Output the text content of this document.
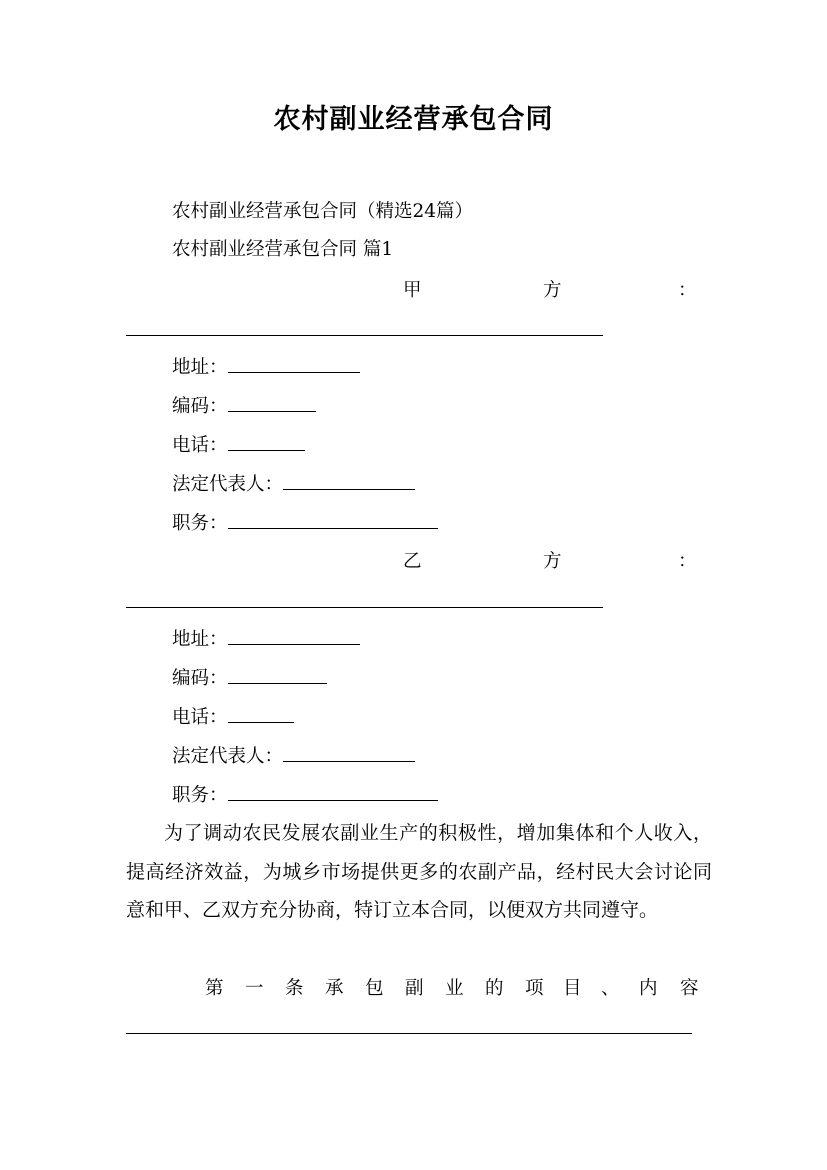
农村副业经营承包合同
农村副业经营承包合同（精选24篇）
农村副业经营承包合同 篇1
甲	方	：
地址：
编码：
电话：
法定代表人：
职务：
乙	方	：
地址：
编码：
电话：
法定代表人：
职务：
为了调动农民发展农副业生产的积极性，增加集体和个人收入，提高经济效益，为城乡市场提供更多的农副产品，经村民大会讨论同意和甲、乙双方充分协商，特订立本合同，以便双方共同遵守。
第 一 条 承 包 副 业 的 项 目 、 内 容
